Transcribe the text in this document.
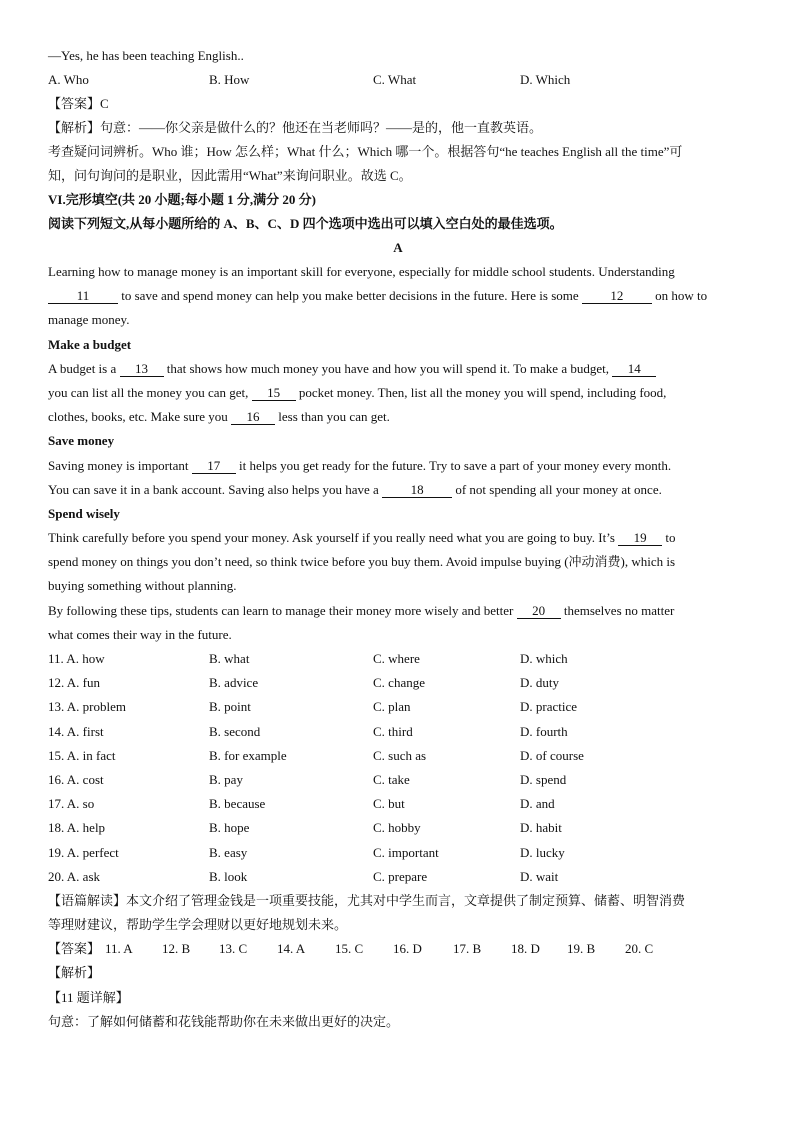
—Yes, he has been teaching English..
A. Who	B. How	C. What	D. Which
【答案】C
【解析】句意：——你父亲是做什么的？他还在当老师吗？——是的，他一直教英语。
考查疑问词辨析。Who 谁；How 怎么样；What 什么；Which 哪一个。根据答句“he teaches English all the time”可
知，问句询问的是职业，因此需用“What”来询问职业。故选 C。
VI.完形填空(共 20 小题;每小题 1 分,满分 20 分)
阅读下列短文,从每小题所给的 A、B、C、D 四个选项中选出可以填入空白处的最佳选项。
A
Learning how to manage money is an important skill for everyone, especially for middle school students. Understanding
11 to save and spend money can help you make better decisions in the future. Here is some 12 on how to
manage money.
Make a budget
A budget is a 13 that shows how much money you have and how you will spend it. To make a budget, 14
you can list all the money you can get, 15 pocket money. Then, list all the money you will spend, including food,
clothes, books, etc. Make sure you 16 less than you can get.
Save money
Saving money is important 17 it helps you get ready for the future. Try to save a part of your money every month.
You can save it in a bank account. Saving also helps you have a 18 of not spending all your money at once.
Spend wisely
Think carefully before you spend your money. Ask yourself if you really need what you are going to buy. It’s 19 to
spend money on things you don’t need, so think twice before you buy them. Avoid impulse buying (冲动消费), which is
buying something without planning.
By following these tips, students can learn to manage their money more wisely and better 20 themselves no matter
what comes their way in the future.
11. A. how	B. what	C. where	D. which
12. A. fun	B. advice	C. change	D. duty
13. A. problem	B. point	C. plan	D. practice
14. A. first	B. second	C. third	D. fourth
15. A. in fact	B. for example	C. such as	D. of course
16. A. cost	B. pay	C. take	D. spend
17. A. so	B. because	C. but	D. and
18. A. help	B. hope	C. hobby	D. habit
19. A. perfect	B. easy	C. important	D. lucky
20. A. ask	B. look	C. prepare	D. wait
【语篇解读】本文介绍了管理金钱是一项重要技能，尤其对中学生而言，文章提供了制定预算、储蓄、明智消费
等理财建议，帮助学生学会理财以更好地规划未来。
【答案】 11. A	12. B	13. C	14. A	15. C	16. D	17. B	18. D	19. B	20. C
【解析】
【11 题详解】
句意：了解如何储蓄和花钱能帮助你在未来做出更好的决定。
